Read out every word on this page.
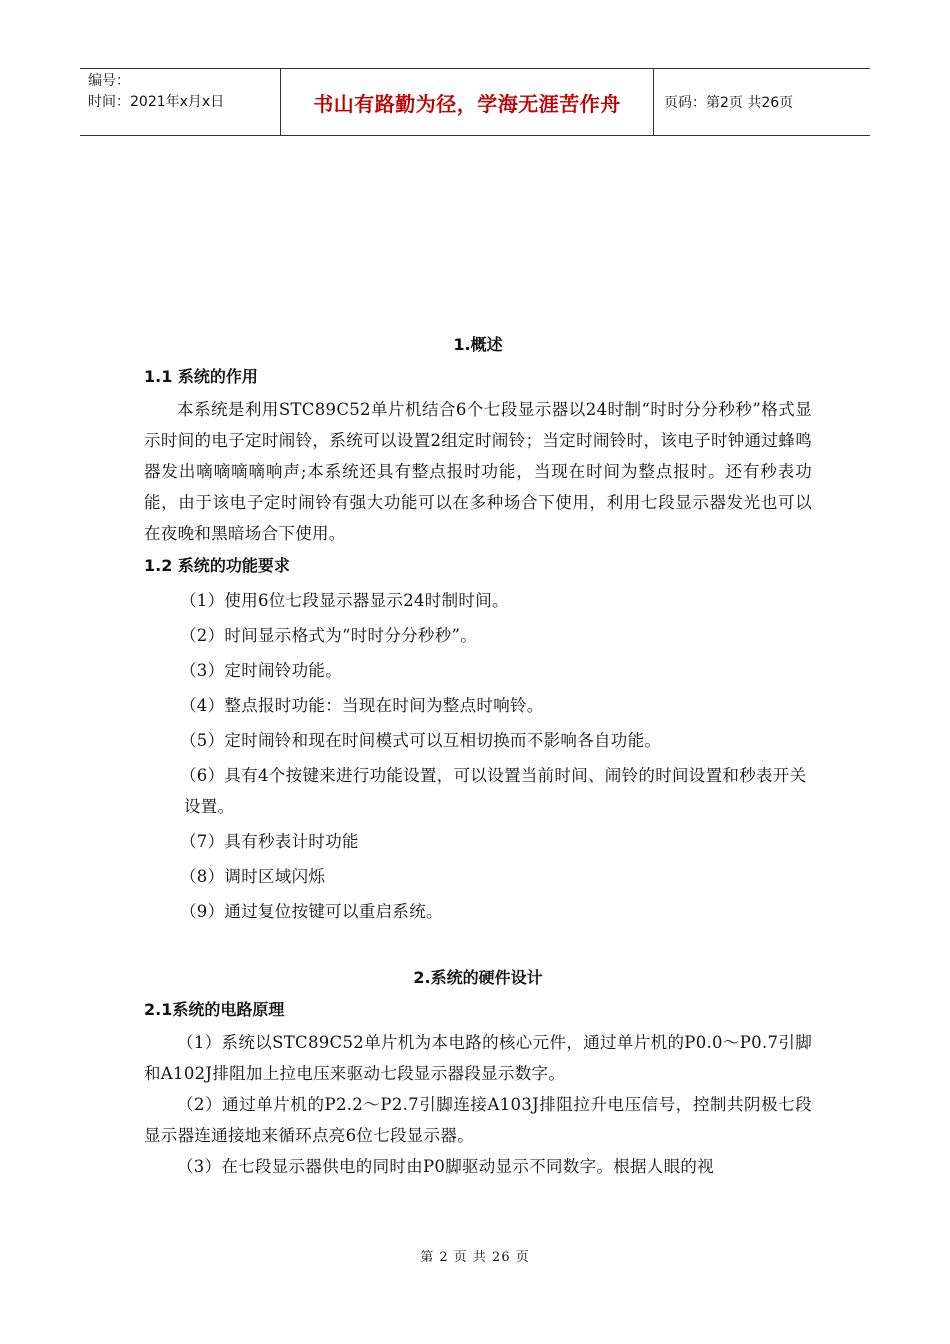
编号：
时间：2021年x月x日	书山有路勤为径，学海无涯苦作舟	页码：第2页 共26页
1.概述
1.1 系统的作用

本系统是利用STC89C52单片机结合6个七段显示器以24时制“时时分分秒秒”格式显示时间的电子定时闹铃，系统可以设置2组定时闹铃；当定时闹铃时，该电子时钟通过蜂鸣器发出嘀嘀嘀嘀响声;本系统还具有整点报时功能，当现在时间为整点报时。还有秒表功能，由于该电子定时闹铃有强大功能可以在多种场合下使用，利用七段显示器发光也可以在夜晚和黑暗场合下使用。

1.2 系统的功能要求

（1）使用6位七段显示器显示24时制时间。

（2）时间显示格式为“时时分分秒秒”。

（3）定时闹铃功能。

（4）整点报时功能：当现在时间为整点时响铃。

（5）定时闹铃和现在时间模式可以互相切换而不影响各自功能。

（6）具有4个按键来进行功能设置，可以设置当前时间、闹铃的时间设置和秒表开关设置。

（7）具有秒表计时功能

（8）调时区域闪烁

（9）通过复位按键可以重启系统。

2.系统的硬件设计
2.1系统的电路原理

（1）系统以STC89C52单片机为本电路的核心元件，通过单片机的P0.0～P0.7引脚和A102J排阻加上拉电压来驱动七段显示器段显示数字。

（2）通过单片机的P2.2～P2.7引脚连接A103J排阻拉升电压信号，控制共阴极七段显示器连通接地来循环点亮6位七段显示器。

（3）在七段显示器供电的同时由P0脚驱动显示不同数字。根据人眼的视

第 2 页 共 26 页
